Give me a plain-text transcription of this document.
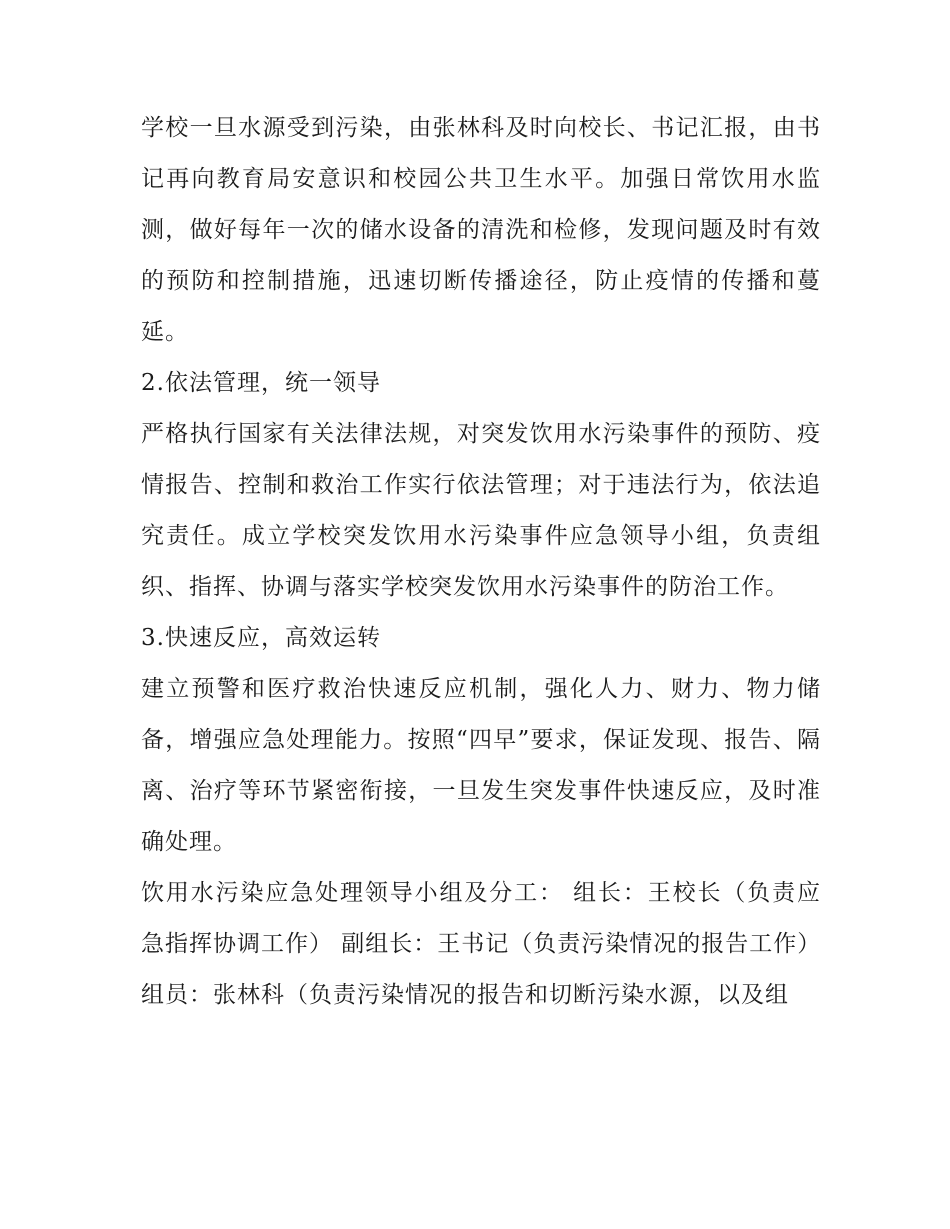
学校一旦水源受到污染，由张林科及时向校长、书记汇报，由书记再向教育局安意识和校园公共卫生水平。加强日常饮用水监测，做好每年一次的储水设备的清洗和检修，发现问题及时有效的预防和控制措施，迅速切断传播途径，防止疫情的传播和蔓延。

2.依法管理，统一领导

严格执行国家有关法律法规，对突发饮用水污染事件的预防、疫情报告、控制和救治工作实行依法管理；对于违法行为，依法追究责任。成立学校突发饮用水污染事件应急领导小组，负责组织、指挥、协调与落实学校突发饮用水污染事件的防治工作。

3.快速反应，高效运转

建立预警和医疗救治快速反应机制，强化人力、财力、物力储备，增强应急处理能力。按照“四早”要求，保证发现、报告、隔离、治疗等环节紧密衔接，一旦发生突发事件快速反应，及时准确处理。

饮用水污染应急处理领导小组及分工： 组长：王校长（负责应急指挥协调工作） 副组长：王书记（负责污染情况的报告工作）

组员：张林科（负责污染情况的报告和切断污染水源，以及组
